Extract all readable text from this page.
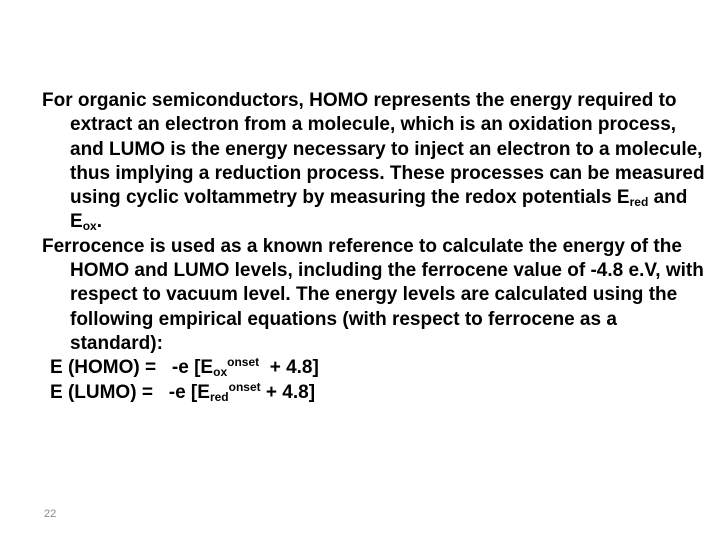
For organic semiconductors, HOMO represents the energy required to extract an electron from a molecule, which is an oxidation process, and LUMO is the energy necessary to inject an electron to a molecule, thus implying a reduction process. These processes can be measured using cyclic voltammetry by measuring the redox potentials $E_{red}$ and $E_{ox}$.
Ferrocence is used as a known reference to calculate the energy of the HOMO and LUMO levels, including the ferrocene value of -4.8 e.V, with respect to vacuum level. The energy levels are calculated using the following empirical equations (with respect to ferrocene as a standard):
E (HOMO) =   -e $[E_{ox}^{onset} + 4.8]$
E (LUMO) =   -e $[E_{red}^{onset} + 4.8]$
22
